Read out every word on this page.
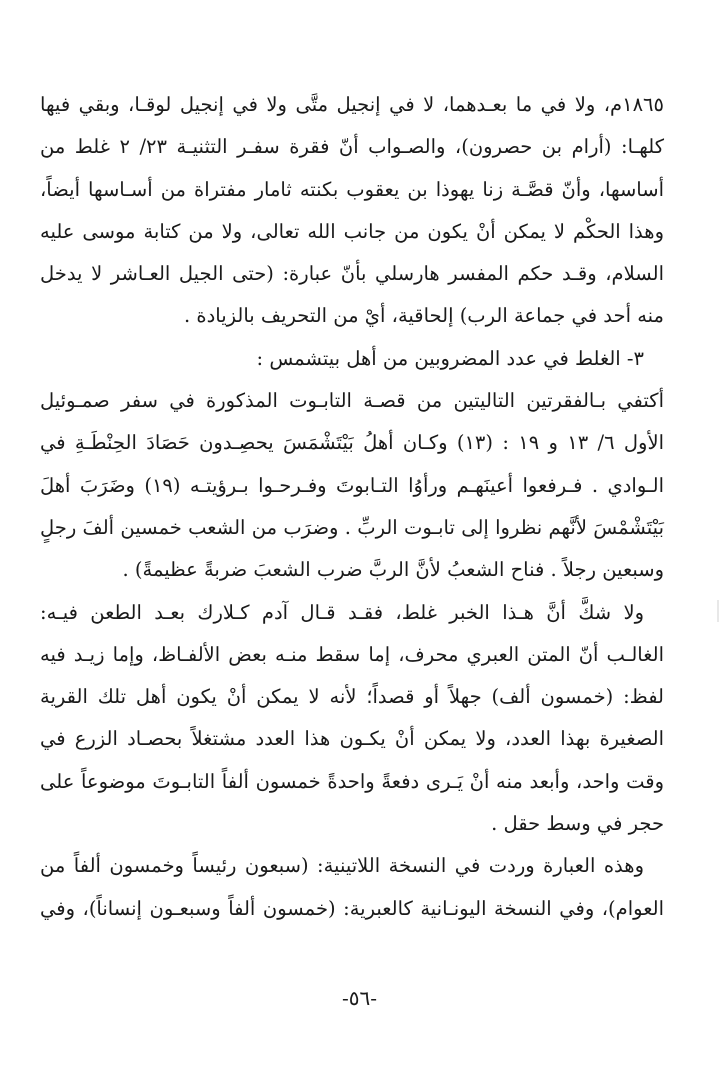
١٨٦٥م، ولا في ما بعـدهما، لا في إنجيل متَّى ولا في إنجيل لوقـا، وبقي فيها
كلهـا: (أرام بن حصرون)، والصـواب أنّ فقرة سفـر التثنيـة ٢٣/ ٢ غلط من
أساسها، وأنّ قصَّـة زنا يهوذا بن يعقوب بكنته ثامار مفتراة من أسـاسها أيضاً،
وهذا الحكْم لا يمكن أنْ يكون من جانب الله تعالى، ولا من كتابة موسى عليه
السلام، وقـد حكم المفسر هارسلي بأنّ عبارة: (حتى الجيل العـاشر لا يدخل
منه أحد في جماعة الرب) إلحاقية، أيْ من التحريف بالزيادة .
٣- الغلط في عدد المضروبين من أهل بيتشمس :
أكتفي بـالفقرتين التاليتين من قصـة التابـوت المذكورة في سفر صمـوئيل
الأول ٦/ ١٣ و ١٩ : (١٣) وكـان أهلُ بَيْتَشْمَسَ يحصِـدون حَصَادَ الحِنْطَـةِ في
الـوادي . فـرفعوا أعينَهـم ورأوُا التـابوتَ وفـرحـوا بـرؤيتـه (١٩) وضَرَبَ أهلَ
بَيْتَشْمْسَ لأنَّهم نظروا إلى تابـوت الربِّ . وضرَب من الشعب خمسين ألفَ رجلٍ
وسبعين رجلاً . فناح الشعبُ لأنَّ الربَّ ضرب الشعبَ ضربةً عظيمةً) .
ولا شكَّ أنَّ هـذا الخبر غلط، فقـد قـال آدم كـلارك بعـد الطعن فيـه:
الغالـب أنّ المتن العبري محرف، إما سقط منـه بعض الألفـاظ، وإما زيـد فيه
لفظ: (خمسون ألف) جهلاً أو قصداً؛ لأنه لا يمكن أنْ يكون أهل تلك القرية
الصغيرة بهذا العدد، ولا يمكن أنْ يكـون هذا العدد مشتغلاً بحصـاد الزرع في
وقت واحد، وأبعد منه أنْ يَـرى دفعةً واحدةً خمسون ألفاً التابـوتَ موضوعاً على
حجر في وسط حقل .
وهذه العبارة وردت في النسخة اللاتينية: (سبعون رئيساً وخمسون ألفاً من
العوام)، وفي النسخة اليونـانية كالعبرية: (خمسون ألفاً وسبعـون إنساناً)، وفي
-٥٦-
